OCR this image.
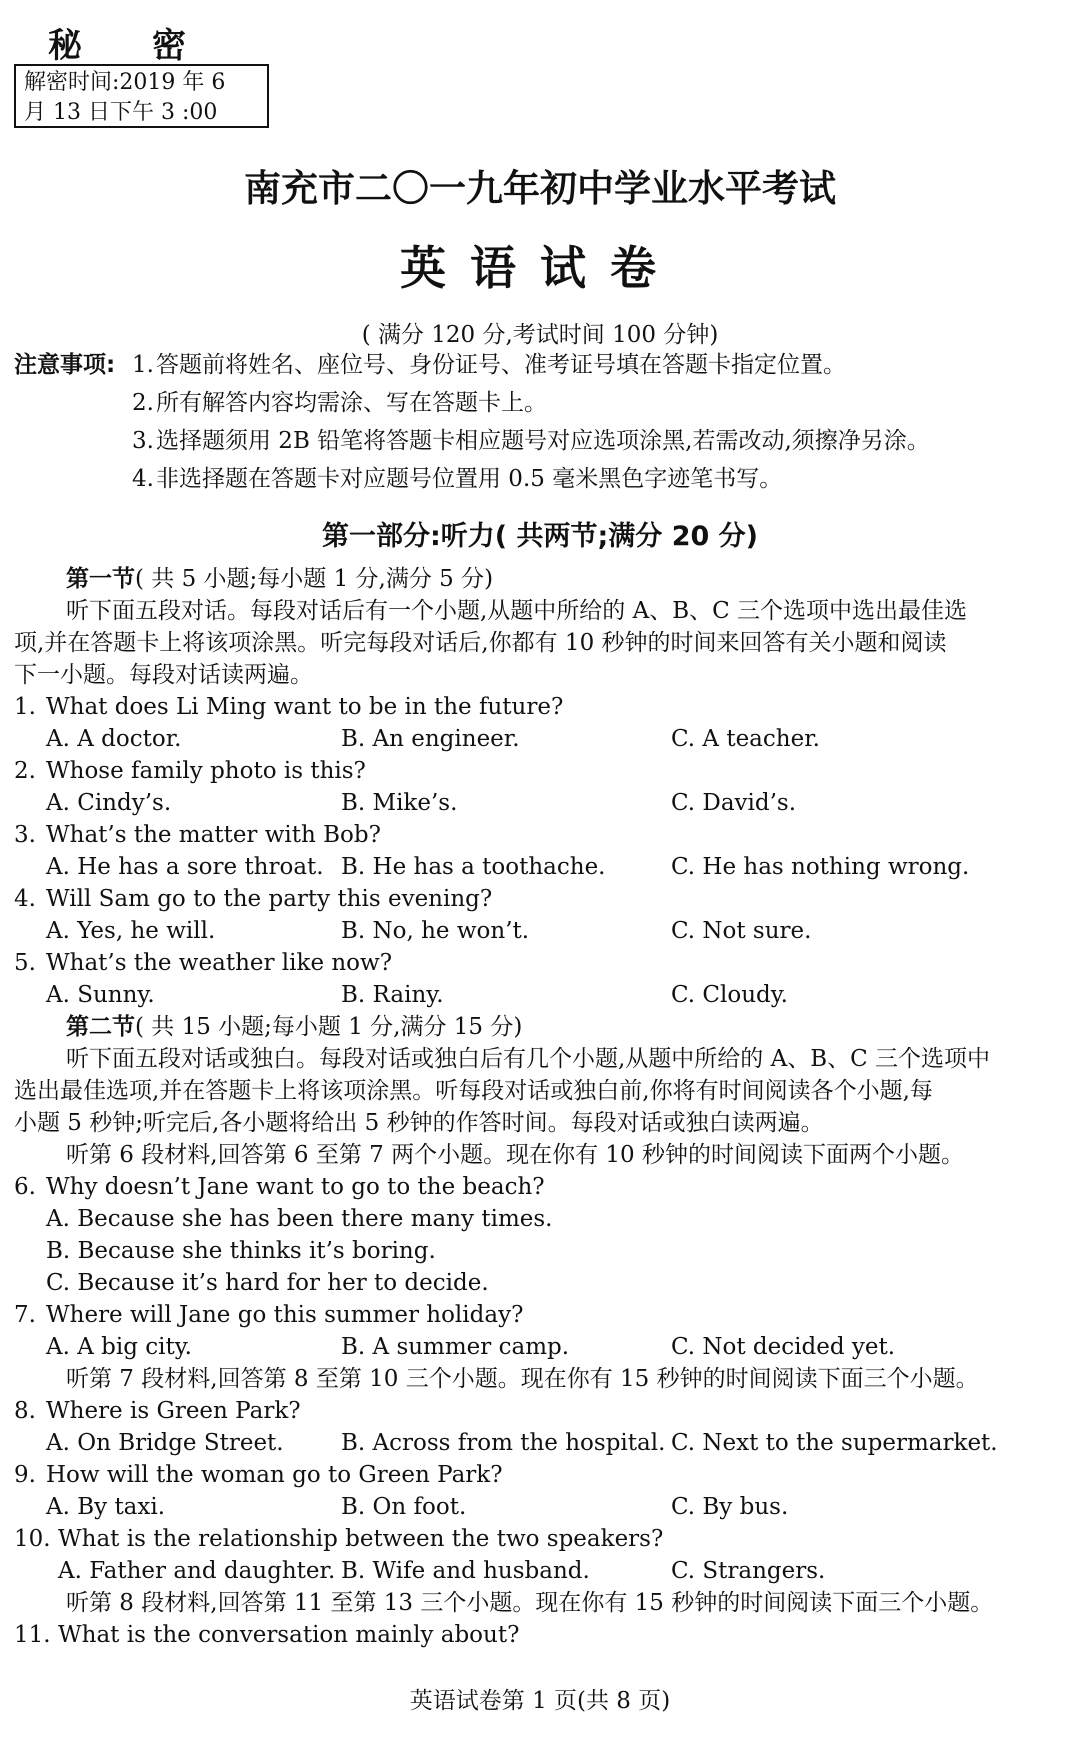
秘密
解密时间:2019 年 6
月 13 日下午 3 :00
南充市二〇一九年初中学业水平考试
英语试卷
( 满分 120 分,考试时间 100 分钟)
注意事项: 1. 答题前将姓名、座位号、身份证号、准考证号填在答题卡指定位置。
2. 所有解答内容均需涂、写在答题卡上。
3. 选择题须用 2B 铅笔将答题卡相应题号对应选项涂黑,若需改动,须擦净另涂。
4. 非选择题在答题卡对应题号位置用 0.5 毫米黑色字迹笔书写。
第一部分:听力( 共两节;满分 20 分)
第一节( 共 5 小题;每小题 1 分,满分 5 分)
听下面五段对话。每段对话后有一个小题,从题中所给的 A、B、C 三个选项中选出最佳选
项,并在答题卡上将该项涂黑。听完每段对话后,你都有 10 秒钟的时间来回答有关小题和阅读
下一小题。每段对话读两遍。
1. What does Li Ming want to be in the future?
A. A doctor.	B. An engineer.	C. A teacher.
2. Whose family photo is this?
A. Cindy’s.	B. Mike’s.	C. David’s.
3. What’s the matter with Bob?
A. He has a sore throat. B. He has a toothache.	C. He has nothing wrong.
4. Will Sam go to the party this evening?
A. Yes, he will.	B. No, he won’t.	C. Not sure.
5. What’s the weather like now?
A. Sunny.	B. Rainy.	C. Cloudy.
第二节( 共 15 小题;每小题 1 分,满分 15 分)
听下面五段对话或独白。每段对话或独白后有几个小题,从题中所给的 A、B、C 三个选项中
选出最佳选项,并在答题卡上将该项涂黑。听每段对话或独白前,你将有时间阅读各个小题,每
小题 5 秒钟;听完后,各小题将给出 5 秒钟的作答时间。每段对话或独白读两遍。
听第 6 段材料,回答第 6 至第 7 两个小题。现在你有 10 秒钟的时间阅读下面两个小题。
6. Why doesn’t Jane want to go to the beach?
A. Because she has been there many times.
B. Because she thinks it’s boring.
C. Because it’s hard for her to decide.
7. Where will Jane go this summer holiday?
A. A big city.	B. A summer camp.	C. Not decided yet.
听第 7 段材料,回答第 8 至第 10 三个小题。现在你有 15 秒钟的时间阅读下面三个小题。
8. Where is Green Park?
A. On Bridge Street.	B. Across from the hospital. C. Next to the supermarket.
9. How will the woman go to Green Park?
A. By taxi.	B. On foot.	C. By bus.
10. What is the relationship between the two speakers?
A. Father and daughter. B. Wife and husband.	C. Strangers.
听第 8 段材料,回答第 11 至第 13 三个小题。现在你有 15 秒钟的时间阅读下面三个小题。
11. What is the conversation mainly about?
英语试卷第 1 页(共 8 页)
